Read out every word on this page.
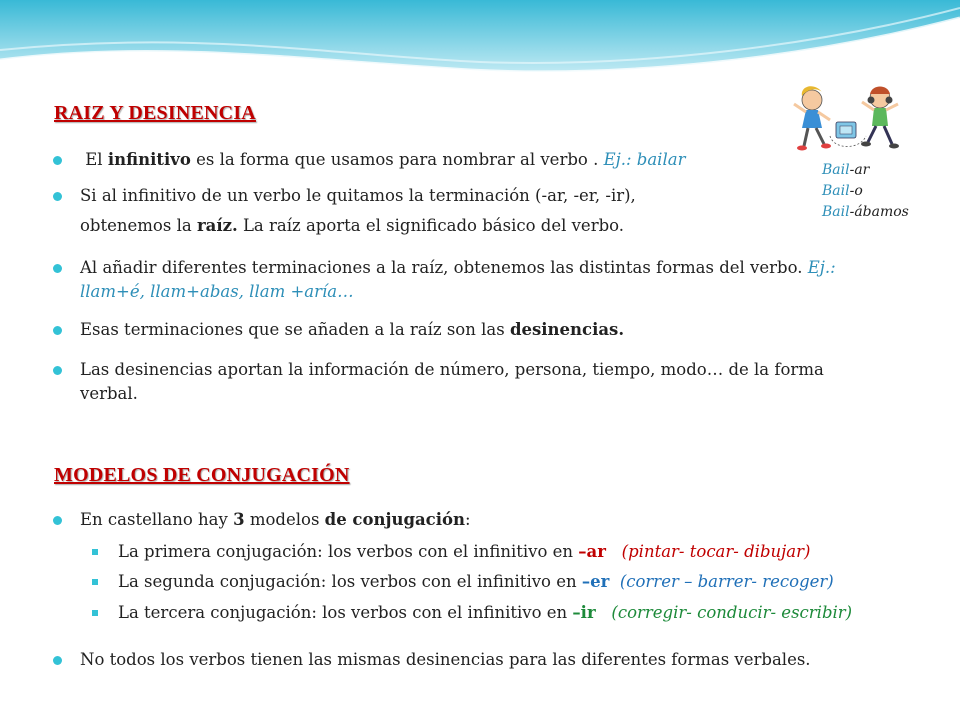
RAIZ Y DESINENCIA

El infinitivo es la forma que usamos para nombrar al verbo . Ej.: bailar

Si al infinitivo de un verbo le quitamos la terminación (-ar, -er, -ir),

obtenemos la raíz. La raíz aporta el significado básico del verbo.

Al añadir diferentes terminaciones a la raíz, obtenemos las distintas formas del verbo. Ej.:
llam+é, llam+abas, llam +aría…

Esas terminaciones que se añaden a la raíz son las desinencias.

Las desinencias aportan la información de número, persona, tiempo, modo… de la forma
verbal.

Bail-ar
Bail-o
Bail-ábamos
MODELOS DE CONJUGACIÓN

En castellano hay 3 modelos de conjugación:

La primera conjugación: los verbos con el infinitivo en –ar (pintar- tocar- dibujar)

La segunda conjugación: los verbos con el infinitivo en –er (correr – barrer- recoger)

La tercera conjugación: los verbos con el infinitivo en –ir (corregir- conducir- escribir)

No todos los verbos tienen las mismas desinencias para las diferentes formas verbales.
